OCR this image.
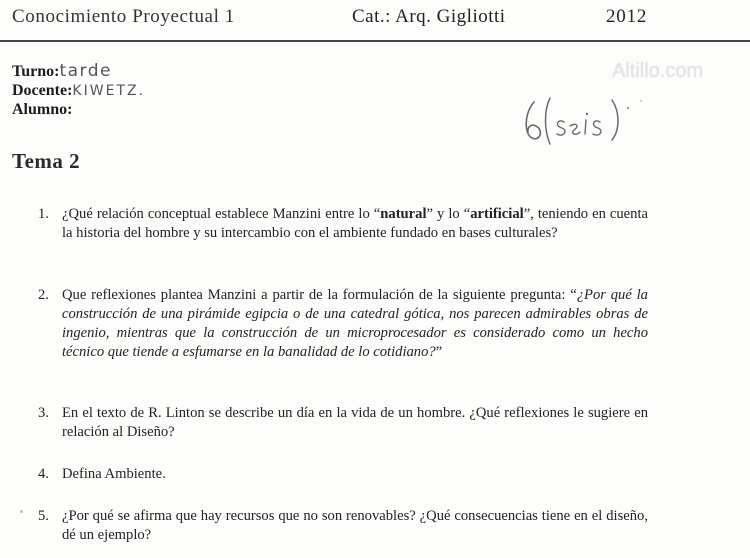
Conocimiento Proyectual 1	Cat.: Arq. Gigliotti	2012
Altillo.com
Turno:tarde
Docente:KIWETZ.
Alumno:
Tema 2
1. ¿Qué relación conceptual establece Manzini entre lo “natural” y lo “artificial”, teniendo en cuenta la historia del hombre y su intercambio con el ambiente fundado en bases culturales?
2. Que reflexiones plantea Manzini a partir de la formulación de la siguiente pregunta: “¿Por qué la construcción de una pirámide egipcia o de una catedral gótica, nos parecen admirables obras de ingenio, mientras que la construcción de un microprocesador es considerado como un hecho técnico que tiende a esfumarse en la banalidad de lo cotidiano?”
3. En el texto de R. Linton se describe un día en la vida de un hombre. ¿Qué reflexiones le sugiere en relación al Diseño?
4. Defina Ambiente.
5. ¿Por qué se afirma que hay recursos que no son renovables? ¿Qué consecuencias tiene en el diseño, dé un ejemplo?
